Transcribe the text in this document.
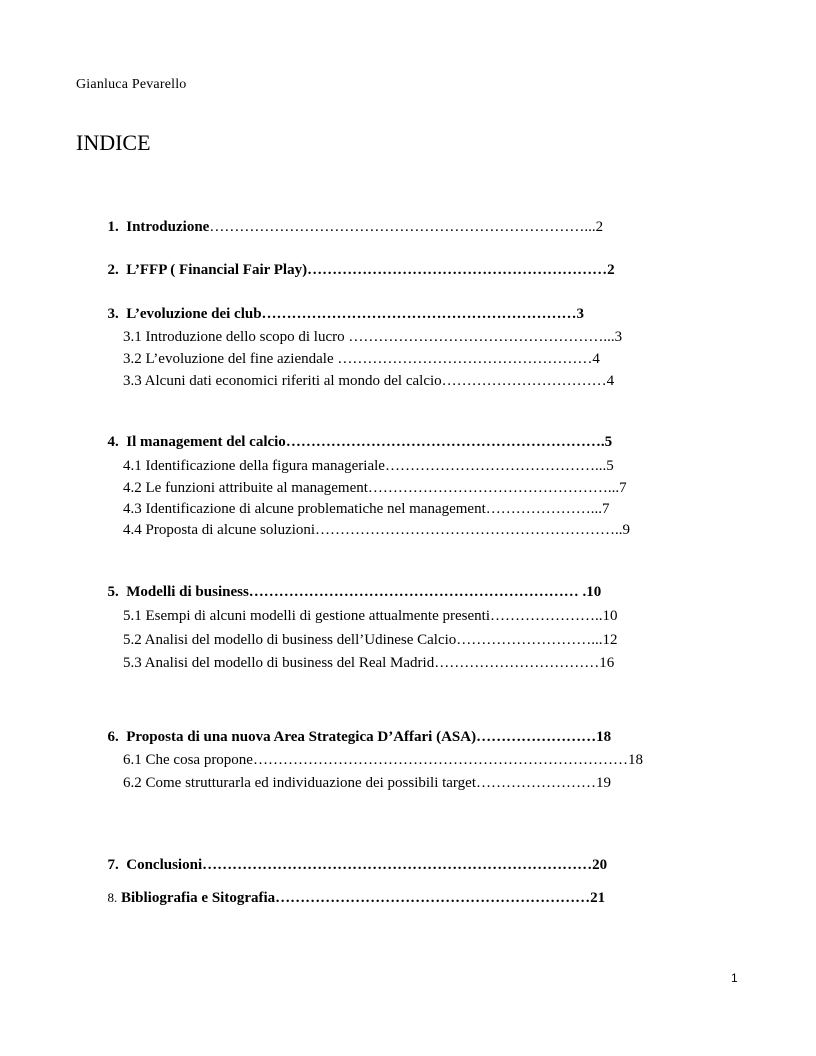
Gianluca Pevarello
INDICE

1. Introduzione…………………………………………………………………...2

2. L’FFP ( Financial Fair Play)……………………………………………………2

3. L’evoluzione dei club………………………………………………………3

3.1 Introduzione dello scopo di lucro ……………………………………………...3
3.2 L’evoluzione del fine aziendale ……………………………………………4
3.3 Alcuni dati economici riferiti al mondo del calcio……………………………4

4. Il management del calcio……………………………………………………….5

4.1 Identificazione della figura manageriale……………………………………...5
4.2 Le funzioni attribuite al management…………………………………………...7
4.3 Identificazione di alcune problematiche nel management…………………...7
4.4 Proposta di alcune soluzioni……………………………………………………..9

5. Modelli di business………………………………………………………… .10

5.1 Esempi di alcuni modelli di gestione attualmente presenti…………………..10
5.2 Analisi del modello di business dell’Udinese Calcio………………………...12
5.3 Analisi del modello di business del Real Madrid……………………………16

6. Proposta di una nuova Area Strategica D’Affari (ASA)……………………18

6.1 Che cosa propone…………………………………………………………………18
6.2 Come strutturarla ed individuazione dei possibili target……………………19

7. Conclusioni……………………………………………………………………20

8. Bibliografia e Sitografia………………………………………………………21

1
